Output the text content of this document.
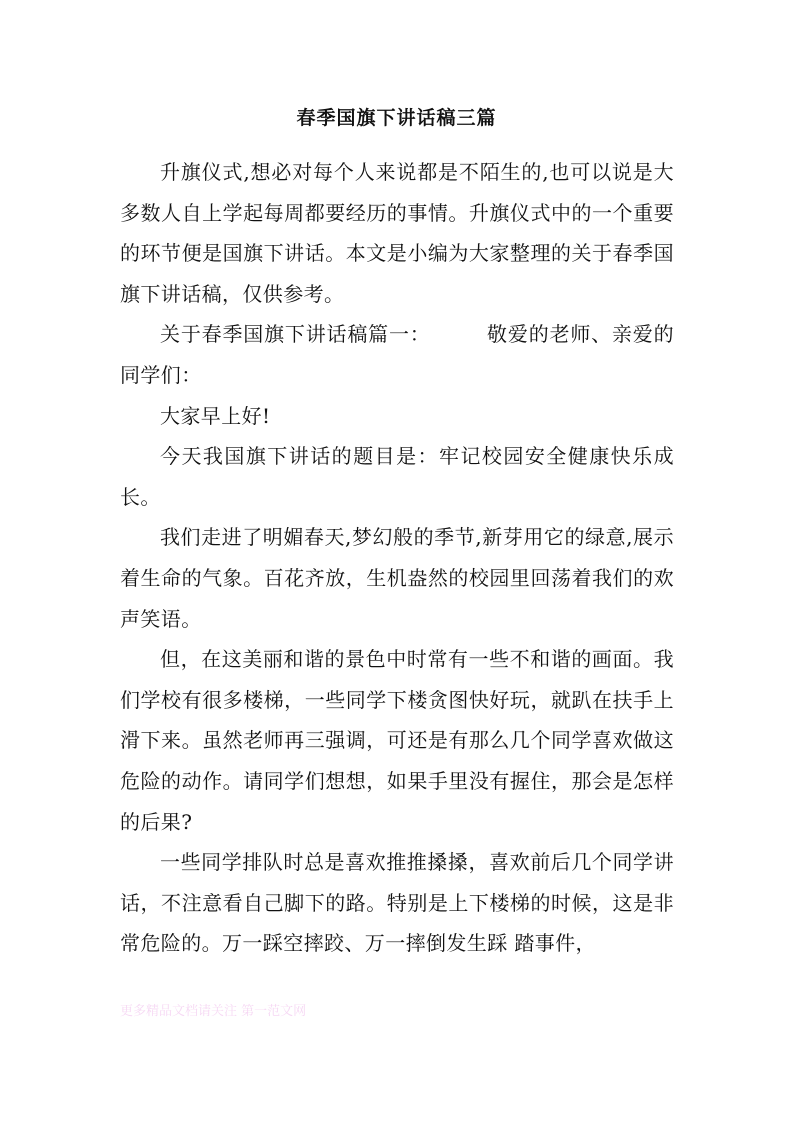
春季国旗下讲话稿三篇

升旗仪式,想必对每个人来说都是不陌生的,也可以说是大多数人自上学起每周都要经历的事情。升旗仪式中的一个重要的环节便是国旗下讲话。本文是小编为大家整理的关于春季国旗下讲话稿，仅供参考。

关于春季国旗下讲话稿篇一：	敬爱的老师、亲爱的同学们：

大家早上好!

今天我国旗下讲话的题目是：牢记校园安全健康快乐成长。

我们走进了明媚春天,梦幻般的季节,新芽用它的绿意,展示着生命的气象。百花齐放，生机盎然的校园里回荡着我们的欢声笑语。

但，在这美丽和谐的景色中时常有一些不和谐的画面。我们学校有很多楼梯，一些同学下楼贪图快好玩，就趴在扶手上滑下来。虽然老师再三强调，可还是有那么几个同学喜欢做这危险的动作。请同学们想想，如果手里没有握住，那会是怎样的后果?

一些同学排队时总是喜欢推推搡搡，喜欢前后几个同学讲话，不注意看自己脚下的路。特别是上下楼梯的时候，这是非常危险的。万一踩空摔跤、万一摔倒发生踩 踏事件，

更多精品文档请关注 第一范文网
